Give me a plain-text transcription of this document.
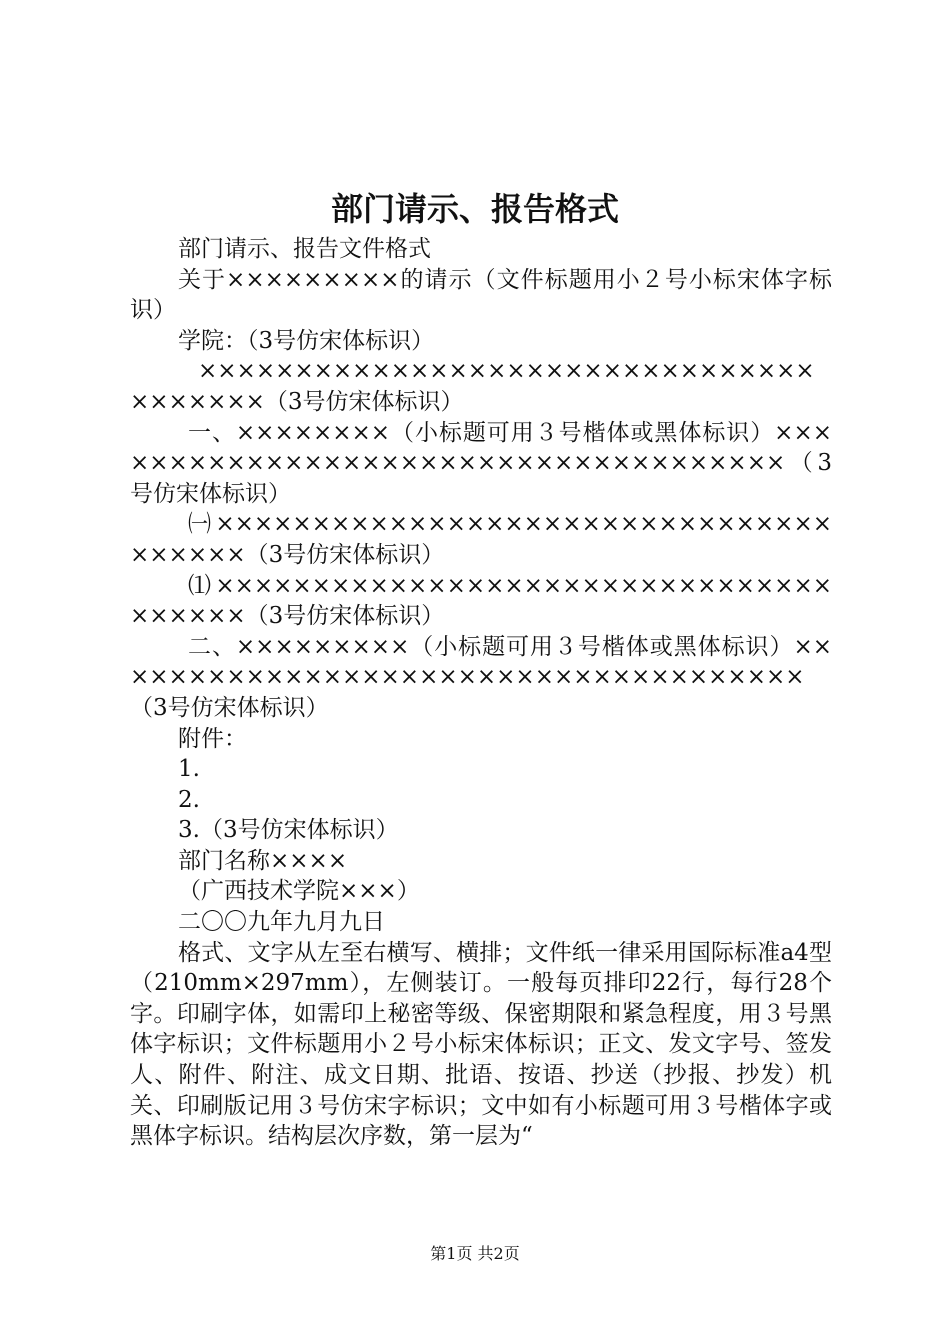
部门请示、报告格式

部门请示、报告文件格式

关于×××××××××的请示（文件标题用小２号小标宋体字标识）

学院：（3号仿宋体标识）

×××××××××××××××××××××××××××××××××××××××（3号仿宋体标识）

一、××××××××（小标题可用３号楷体或黑体标识）×××××××××××××××××××××××××××××××××××××（3号仿宋体标识）

㈠××××××××××××××××××××××××××××××××××××××（3号仿宋体标识）

⑴××××××××××××××××××××××××××××××××××××××（3号仿宋体标识）

二、×××××××××（小标题可用３号楷体或黑体标识）×××××××××××××××××××××××××××××××××××××（3号仿宋体标识）

附件：

1.

2.

3.（3号仿宋体标识）

部门名称××××

（广西技术学院×××）

二〇〇九年九月九日

格式、文字从左至右横写、横排；文件纸一律采用国际标准a4型（210mm×297mm），左侧装订。一般每页排印22行，每行28个字。印刷字体，如需印上秘密等级、保密期限和紧急程度，用３号黑体字标识；文件标题用小２号小标宋体标识；正文、发文字号、签发人、附件、附注、成文日期、批语、按语、抄送（抄报、抄发）机关、印刷版记用３号仿宋字标识；文中如有小标题可用３号楷体字或黑体字标识。结构层次序数，第一层为“

第1页 共2页
